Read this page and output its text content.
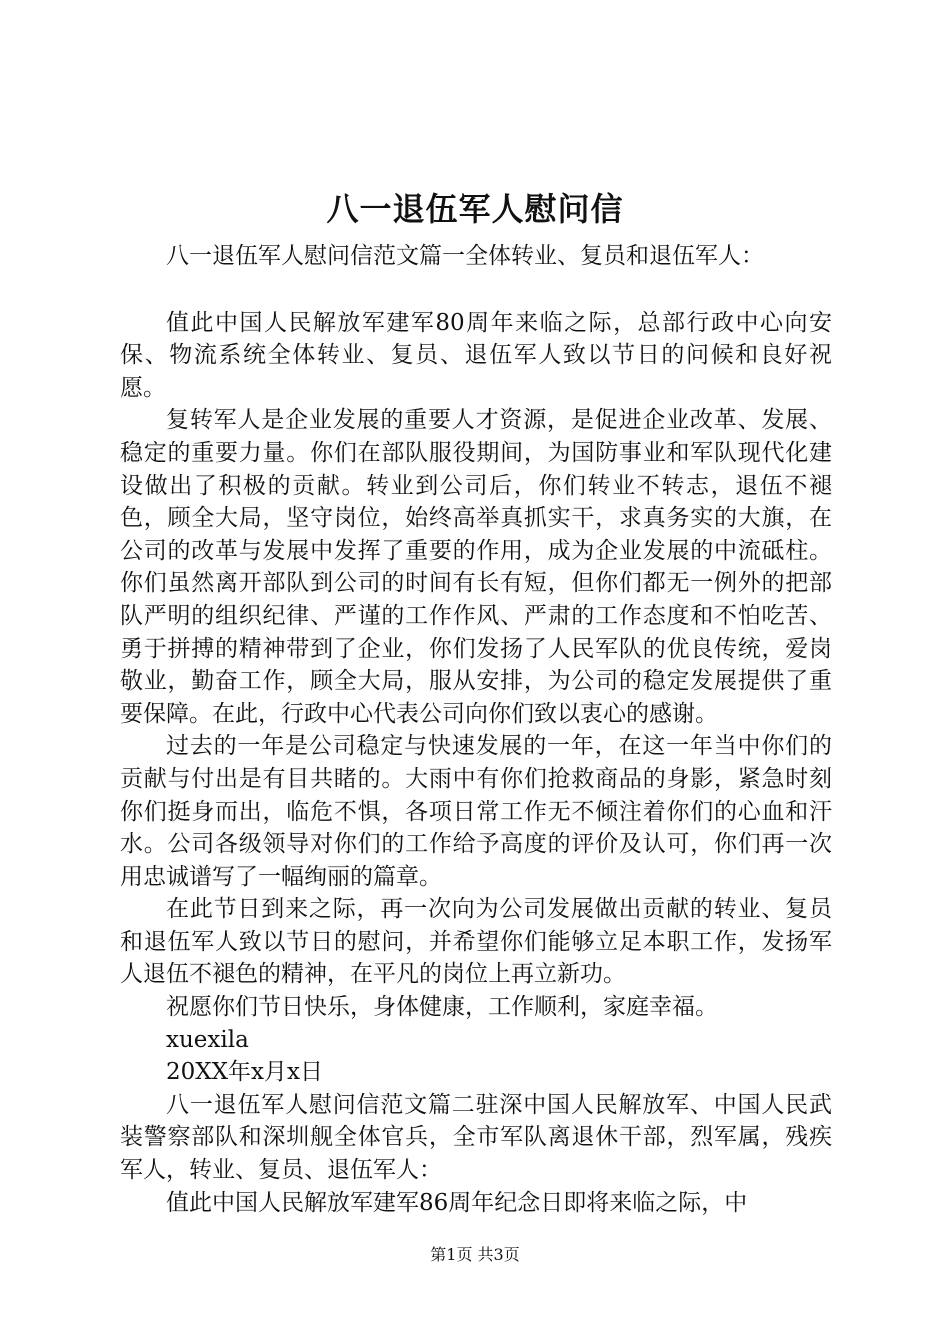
八一退伍军人慰问信

八一退伍军人慰问信范文篇一全体转业、复员和退伍军人：

值此中国人民解放军建军80周年来临之际，总部行政中心向安保、物流系统全体转业、复员、退伍军人致以节日的问候和良好祝愿。

复转军人是企业发展的重要人才资源，是促进企业改革、发展、稳定的重要力量。你们在部队服役期间，为国防事业和军队现代化建设做出了积极的贡献。转业到公司后，你们转业不转志，退伍不褪色，顾全大局，坚守岗位，始终高举真抓实干，求真务实的大旗，在公司的改革与发展中发挥了重要的作用，成为企业发展的中流砥柱。你们虽然离开部队到公司的时间有长有短，但你们都无一例外的把部队严明的组织纪律、严谨的工作作风、严肃的工作态度和不怕吃苦、勇于拼搏的精神带到了企业，你们发扬了人民军队的优良传统，爱岗敬业，勤奋工作，顾全大局，服从安排，为公司的稳定发展提供了重要保障。在此，行政中心代表公司向你们致以衷心的感谢。

过去的一年是公司稳定与快速发展的一年，在这一年当中你们的贡献与付出是有目共睹的。大雨中有你们抢救商品的身影，紧急时刻你们挺身而出，临危不惧，各项日常工作无不倾注着你们的心血和汗水。公司各级领导对你们的工作给予高度的评价及认可，你们再一次用忠诚谱写了一幅绚丽的篇章。

在此节日到来之际，再一次向为公司发展做出贡献的转业、复员和退伍军人致以节日的慰问，并希望你们能够立足本职工作，发扬军人退伍不褪色的精神，在平凡的岗位上再立新功。

祝愿你们节日快乐，身体健康，工作顺利，家庭幸福。

xuexila

20XX年x月x日

八一退伍军人慰问信范文篇二驻深中国人民解放军、中国人民武装警察部队和深圳舰全体官兵，全市军队离退休干部，烈军属，残疾军人，转业、复员、退伍军人：

值此中国人民解放军建军86周年纪念日即将来临之际，中

第1页 共3页
